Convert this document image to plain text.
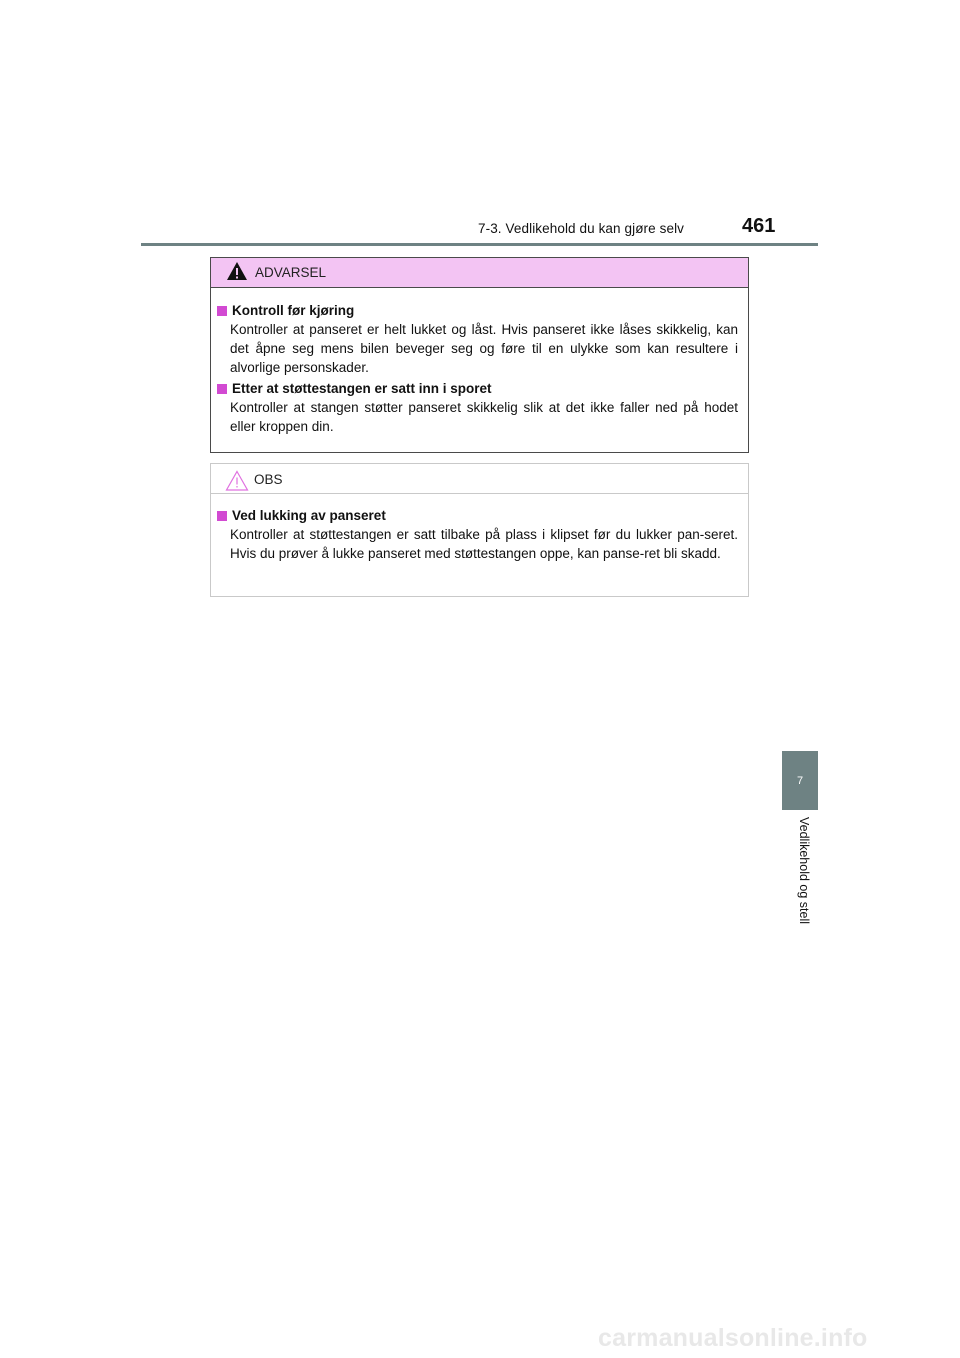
7-3. Vedlikehold du kan gjøre selv	461
ADVARSEL
Kontroll før kjøring
Kontroller at panseret er helt lukket og låst. Hvis panseret ikke låses skikkelig, kan det åpne seg mens bilen beveger seg og føre til en ulykke som kan resultere i alvorlige personskader.
Etter at støttestangen er satt inn i sporet
Kontroller at stangen støtter panseret skikkelig slik at det ikke faller ned på hodet eller kroppen din.
OBS
Ved lukking av panseret
Kontroller at støttestangen er satt tilbake på plass i klipset før du lukker pan-seret. Hvis du prøver å lukke panseret med støttestangen oppe, kan panse-ret bli skadd.
7
Vedlikehold og stell
carmanualsonline.info
